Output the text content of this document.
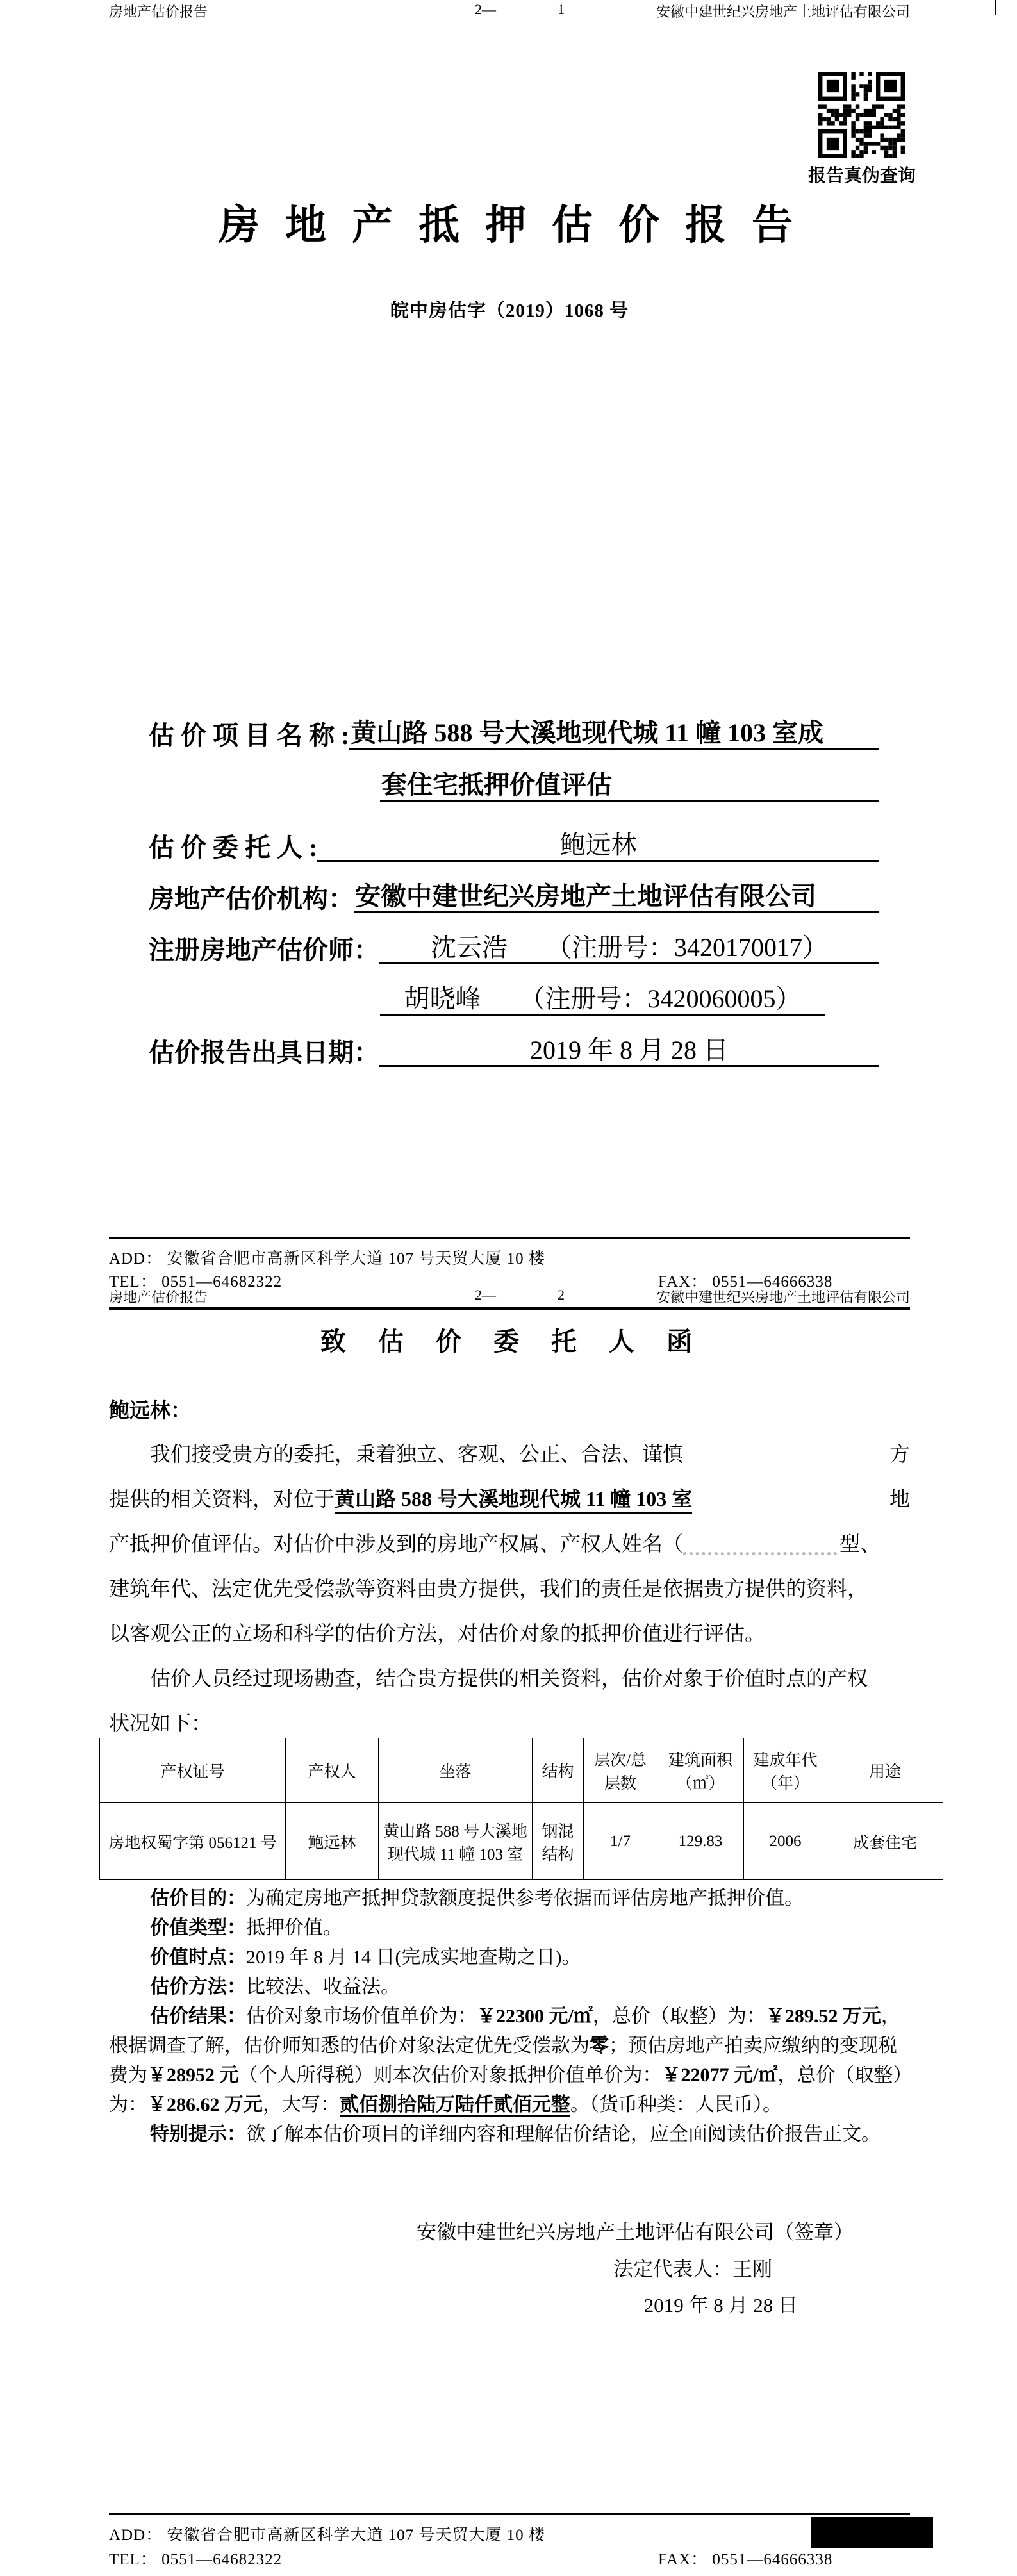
房地产估价报告

	2—

	1

	安徽中建世纪兴房地产土地评估有限公司

报告真伪查询
房 地 产 抵 押 估 价 报 告
皖中房估字（2019）1068 号
估 价 项 目 名 称 : 黄山路 588 号大溪地现代城 11 幢 103 室成
套住宅抵押价值评估
估 价 委 托 人 :	鲍远林
房地产估价机构： 安徽中建世纪兴房地产土地评估有限公司
注册房地产估价师：	沈云浩　　（注册号：3420170017）
胡晓峰　　（注册号：3420060005）
估价报告出具日期：	2019 年 8 月 28 日
ADD： 安徽省合肥市高新区科学大道 107 号天贸大厦 10 楼
TEL： 0551—64682322	FAX： 0551—64666338

房地产估价报告

	2—

	2

	安徽中建世纪兴房地产土地评估有限公司

致  估  价  委  托  人  函
鲍远林：
我们接受贵方的委托，秉着独立、客观、公正、合法、谨慎	方
提供的相关资料，对位于 黄山路 588 号大溪地现代城 11 幢 103 室	地
产抵押价值评估。对估价中涉及到的房地产权属、产权人姓名（	型、
建筑年代、法定优先受偿款等资料由贵方提供，我们的责任是依据贵方提供的资料，
以客观公正的立场和科学的估价方法，对估价对象的抵押价值进行评估。
估价人员经过现场勘查，结合贵方提供的相关资料，估价对象于价值时点的产权
状况如下：
产权证号	产权人	坐落	结构	层次/总层数	建筑面积（㎡）	建成年代（年）	用途
房地权蜀字第 056121 号	鲍远林	黄山路 588 号大溪地现代城 11 幢 103 室	钢混结构	1/7	129.83	2006	成套住宅
估价目的：为确定房地产抵押贷款额度提供参考依据而评估房地产抵押价值。
价值类型：抵押价值。
价值时点：2019 年 8 月 14 日(完成实地查勘之日)。
估价方法：比较法、收益法。
估价结果：估价对象市场价值单价为：￥22300 元/㎡，总价（取整）为：￥289.52 万元，根据调查了解，估价师知悉的估价对象法定优先受偿款为零；预估房地产拍卖应缴纳的变现税费为￥28952 元（个人所得税）则本次估价对象抵押价值单价为：￥22077 元/㎡，总价（取整）为：￥286.62 万元，大写：贰佰捌拾陆万陆仟贰佰元整。（货币种类：人民币）。
特别提示：欲了解本估价项目的详细内容和理解估价结论，应全面阅读估价报告正文。
安徽中建世纪兴房地产土地评估有限公司（签章）
法定代表人：王刚
2019 年 8 月 28 日
ADD： 安徽省合肥市高新区科学大道 107 号天贸大厦 10 楼
TEL： 0551—64682322	FAX： 0551—64666338
